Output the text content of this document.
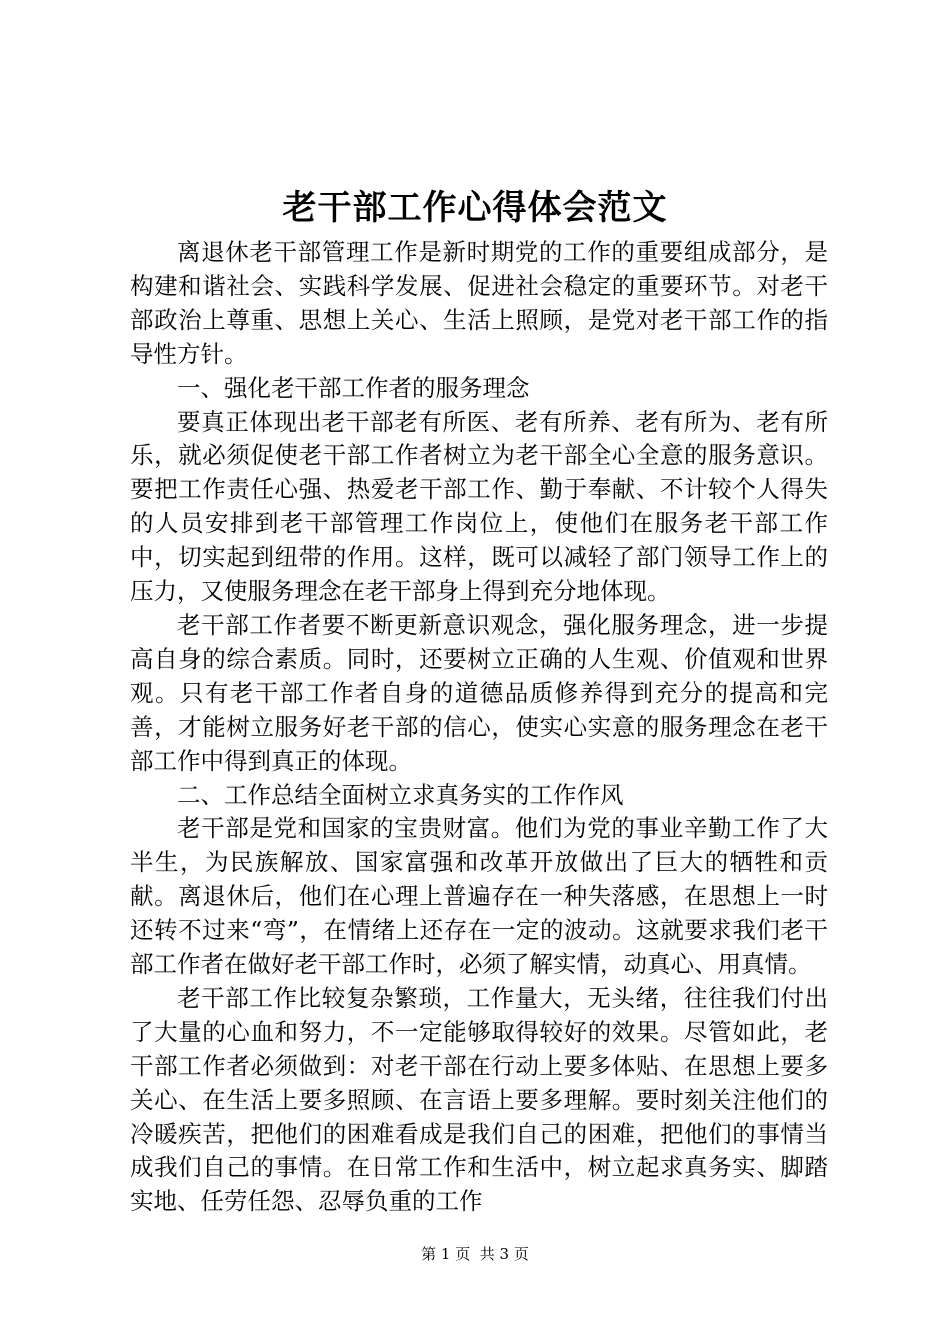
老干部工作心得体会范文

离退休老干部管理工作是新时期党的工作的重要组成部分，是构建和谐社会、实践科学发展、促进社会稳定的重要环节。对老干部政治上尊重、思想上关心、生活上照顾，是党对老干部工作的指导性方针。

一、强化老干部工作者的服务理念

要真正体现出老干部老有所医、老有所养、老有所为、老有所乐，就必须促使老干部工作者树立为老干部全心全意的服务意识。要把工作责任心强、热爱老干部工作、勤于奉献、不计较个人得失的人员安排到老干部管理工作岗位上，使他们在服务老干部工作中，切实起到纽带的作用。这样，既可以减轻了部门领导工作上的压力，又使服务理念在老干部身上得到充分地体现。

老干部工作者要不断更新意识观念，强化服务理念，进一步提高自身的综合素质。同时，还要树立正确的人生观、价值观和世界观。只有老干部工作者自身的道德品质修养得到充分的提高和完善，才能树立服务好老干部的信心，使实心实意的服务理念在老干部工作中得到真正的体现。

二、工作总结全面树立求真务实的工作作风

老干部是党和国家的宝贵财富。他们为党的事业辛勤工作了大半生，为民族解放、国家富强和改革开放做出了巨大的牺牲和贡献。离退休后，他们在心理上普遍存在一种失落感，在思想上一时还转不过来“弯”，在情绪上还存在一定的波动。这就要求我们老干部工作者在做好老干部工作时，必须了解实情，动真心、用真情。

老干部工作比较复杂繁琐，工作量大，无头绪，往往我们付出了大量的心血和努力，不一定能够取得较好的效果。尽管如此，老干部工作者必须做到：对老干部在行动上要多体贴、在思想上要多关心、在生活上要多照顾、在言语上要多理解。要时刻关注他们的冷暖疾苦，把他们的困难看成是我们自己的困难，把他们的事情当成我们自己的事情。在日常工作和生活中，树立起求真务实、脚踏实地、任劳任怨、忍辱负重的工作

第 1 页  共 3 页
